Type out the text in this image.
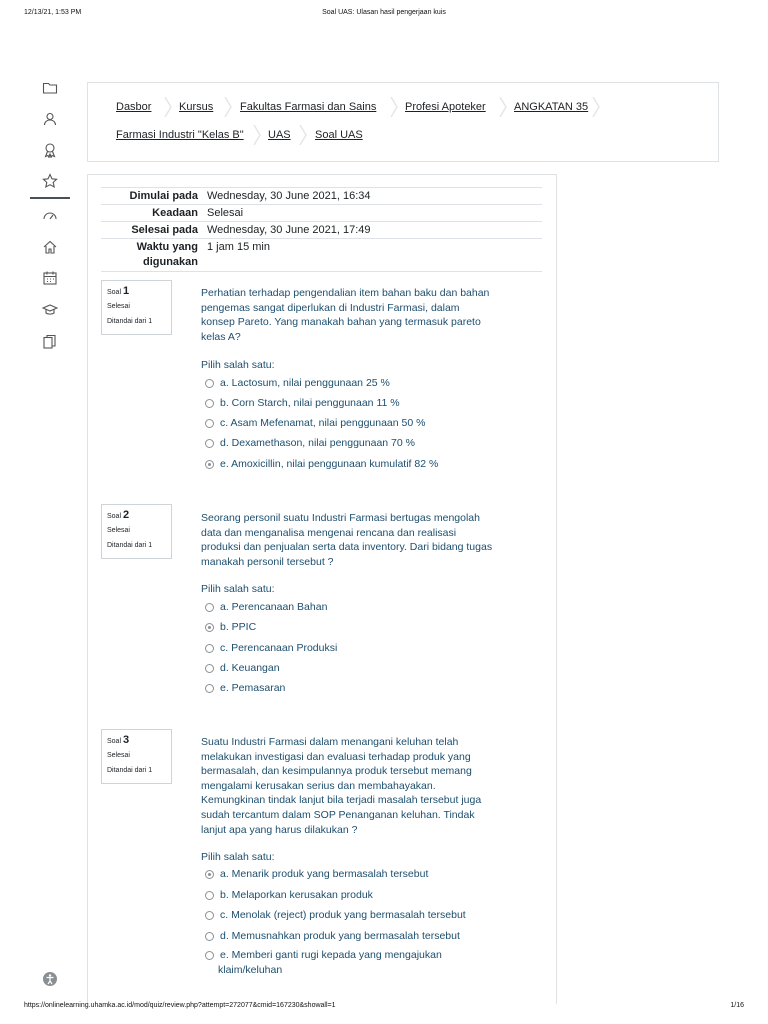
12/13/21, 1:53 PM	Soal UAS: Ulasan hasil pengerjaan kuis
Dasbor	Kursus Fakultas Farmasi dan Sains	Profesi Apoteker	ANGKATAN 35
Farmasi Industri "Kelas B" UAS Soal UAS
Dimulai pada Wednesday, 30 June 2021, 16:34
Keadaan Selesai
Selesai pada Wednesday, 30 June 2021, 17:49
Waktu yang
digunakan
1 jam 15 min
Soal 1
Selesai
Ditandai dari 1
Perhatian terhadap pengendalian item bahan baku dan bahan
pengemas sangat diperlukan di Industri Farmasi, dalam
konsep Pareto. Yang manakah bahan yang termasuk pareto
kelas A?
Pilih salah satu:
a. Lactosum, nilai penggunaan 25 %
b. Corn Starch, nilai penggunaan 11 %
c. Asam Mefenamat, nilai penggunaan 50 %
d. Dexamethason, nilai penggunaan 70 %
e. Amoxicillin, nilai penggunaan kumulatif 82 %
Soal 2
Selesai
Ditandai dari 1
Seorang personil suatu Industri Farmasi bertugas mengolah
data dan menganalisa mengenai rencana dan realisasi
produksi dan penjualan serta data inventory. Dari bidang tugas
manakah personil tersebut ?
Pilih salah satu:
a. Perencanaan Bahan
b. PPIC
c. Perencanaan Produksi
d. Keuangan
e. Pemasaran
Soal 3
Selesai
Ditandai dari 1
Suatu Industri Farmasi dalam menangani keluhan telah
melakukan investigasi dan evaluasi terhadap produk yang
bermasalah, dan kesimpulannya produk tersebut memang
mengalami kerusakan serius dan membahayakan.
Kemungkinan tindak lanjut bila terjadi masalah tersebut juga
sudah tercantum dalam SOP Penanganan keluhan. Tindak
lanjut apa yang harus dilakukan ?
Pilih salah satu:
a. Menarik produk yang bermasalah tersebut
b. Melaporkan kerusakan produk
c. Menolak (reject) produk yang bermasalah tersebut
d. Memusnahkan produk yang bermasalah tersebut
e. Memberi ganti rugi kepada yang mengajukan
klaim/keluhan
https://onlinelearning.uhamka.ac.id/mod/quiz/review.php?attempt=272077&cmid=167230&showall=1	1/16
